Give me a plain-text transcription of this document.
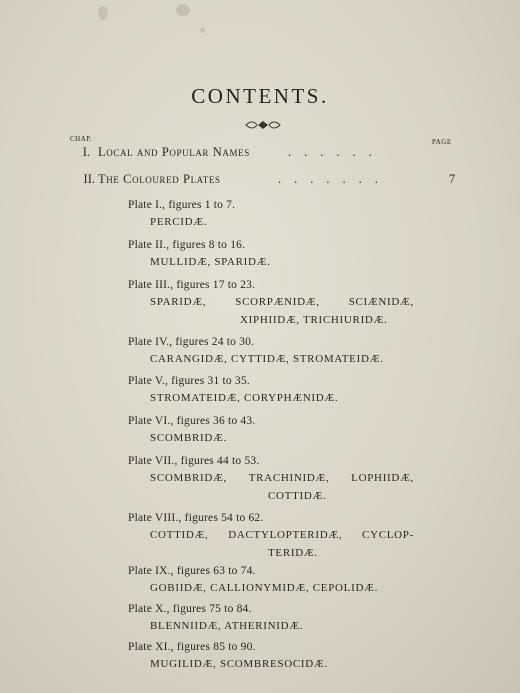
CONTENTS.
CHAP.	PAGE
I. Local and Popular Names	......
II. The Coloured Plates	.......	7
Plate I., figures 1 to 7.
PERCIDÆ.
Plate II., figures 8 to 16.
MULLIDÆ, SPARIDÆ.
Plate III., figures 17 to 23.
SPARIDÆ,	SCORPÆNIDÆ,	SCIÆNIDÆ,
XIPHIIDÆ, TRICHIURIDÆ.
Plate IV., figures 24 to 30.
CARANGIDÆ, CYTTIDÆ, STROMATEIDÆ.
Plate V., figures 31 to 35.
STROMATEIDÆ, CORYPHÆNIDÆ.
Plate VI., figures 36 to 43.
SCOMBRIDÆ.
Plate VII., figures 44 to 53.
SCOMBRIDÆ, TRACHINIDÆ, LOPHIIDÆ,
COTTIDÆ.
Plate VIII., figures 54 to 62.
COTTIDÆ, DACTYLOPTERIDÆ, CYCLOP-
TERIDÆ.
Plate IX., figures 63 to 74.
GOBIIDÆ, CALLIONYMIDÆ, CEPOLIDÆ.
Plate X., figures 75 to 84.
BLENNIIDÆ, ATHERINIDÆ.
Plate XI., figures 85 to 90.
MUGILIDÆ, SCOMBRESOCIDÆ.
